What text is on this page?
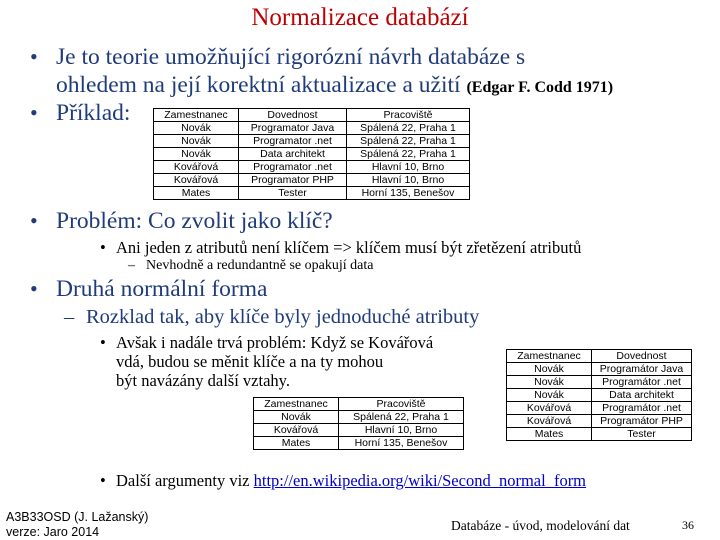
Normalizace databází
• Je to teorie umožňující rigorózní návrh databáze s
ohledem na její korektní aktualizace a užití (Edgar F. Codd 1971)
• Příklad:	Zamestnanec	Dovednost	Pracoviště
Novák	Programator Java	Spálená 22, Praha 1
Novák	Programator .net	Spálená 22, Praha 1
Novák	Data architekt	Spálená 22, Praha 1
Kovářová	Programator .net	Hlavní 10, Brno
Kovářová	Programator PHP	Hlavní 10, Brno
Mates	Tester	Horní 135, Benešov
• Problém: Co zvolit jako klíč?
• Ani jeden z atributů není klíčem => klíčem musí být zřetězení atributů
– Nevhodně a redundantně se opakují data
• Druhá normální forma
– Rozklad tak, aby klíče byly jednoduché atributy
• Avšak i nadále trvá problém: Když se Kovářová
vdá, budou se měnit klíče a na ty mohou
být navázány další vztahy.
Zamestnanec	Dovednost
Novák	Programátor Java
Novák	Programátor .net
Novák	Data architekt
Kovářová	Programátor .net
Kovářová	Programátor PHP
Mates	Tester
Zamestnanec	Pracoviště
Novák	Spálená 22, Praha 1
Kovářová	Hlavní 10, Brno
Mates	Horní 135, Benešov
• Další argumenty viz http://en.wikipedia.org/wiki/Second_normal_form
A3B33OSD (J. Lažanský)
verze: Jaro 2014	Databáze - úvod, modelování dat	36
